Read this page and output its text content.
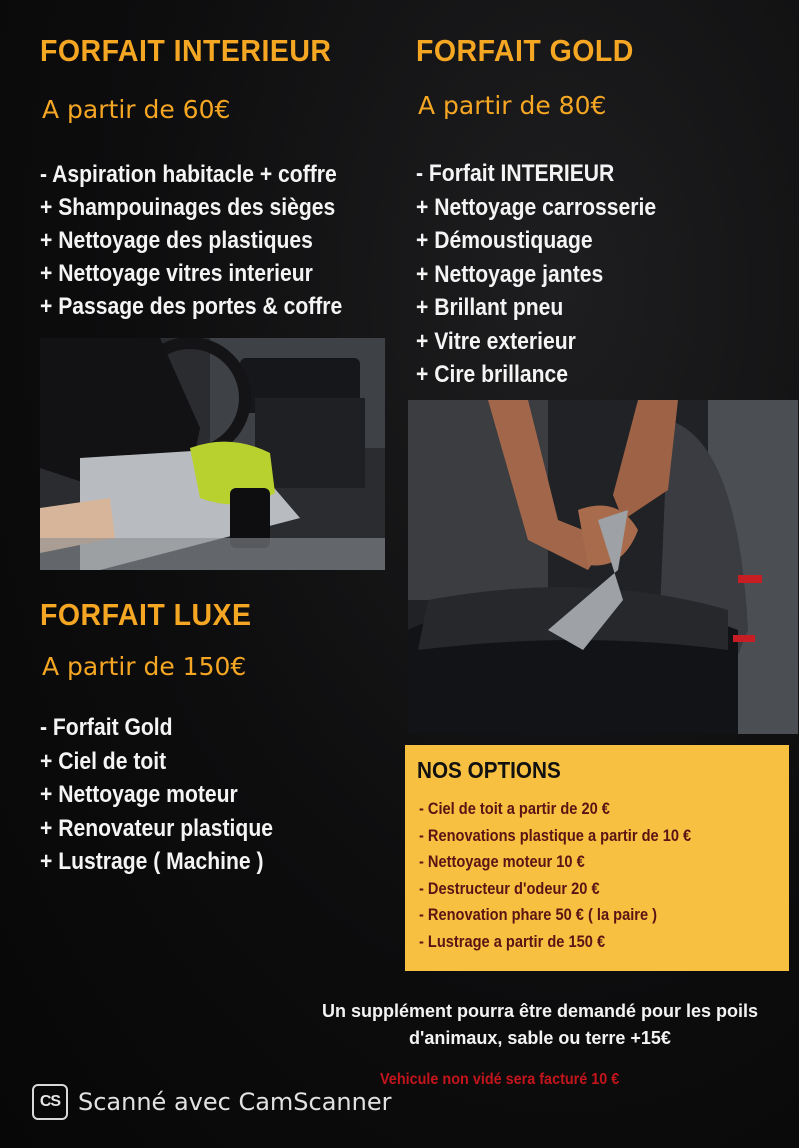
FORFAIT INTERIEUR
A partir de 60€
- Aspiration habitacle + coffre
+ Shampouinages des sièges
+ Nettoyage des plastiques
+ Nettoyage vitres interieur
+ Passage des portes & coffre
FORFAIT GOLD
A partir de 80€
- Forfait INTERIEUR
+ Nettoyage carrosserie
+ Démoustiquage
+ Nettoyage jantes
+ Brillant pneu
+ Vitre exterieur
+ Cire brillance
FORFAIT LUXE
A partir de 150€
- Forfait Gold
+ Ciel de toit
+ Nettoyage moteur
+ Renovateur plastique
+ Lustrage ( Machine )
NOS OPTIONS
- Ciel de toit a partir de 20 €
- Renovations plastique a partir de 10 €
- Nettoyage moteur 10 €
- Destructeur d'odeur 20 €
- Renovation phare 50 € ( la paire )
- Lustrage a partir de 150 €
Un supplément pourra être demandé pour les poils
d'animaux, sable ou terre +15€
Vehicule non vidé sera facturé 10 €
CS Scanné avec CamScanner
